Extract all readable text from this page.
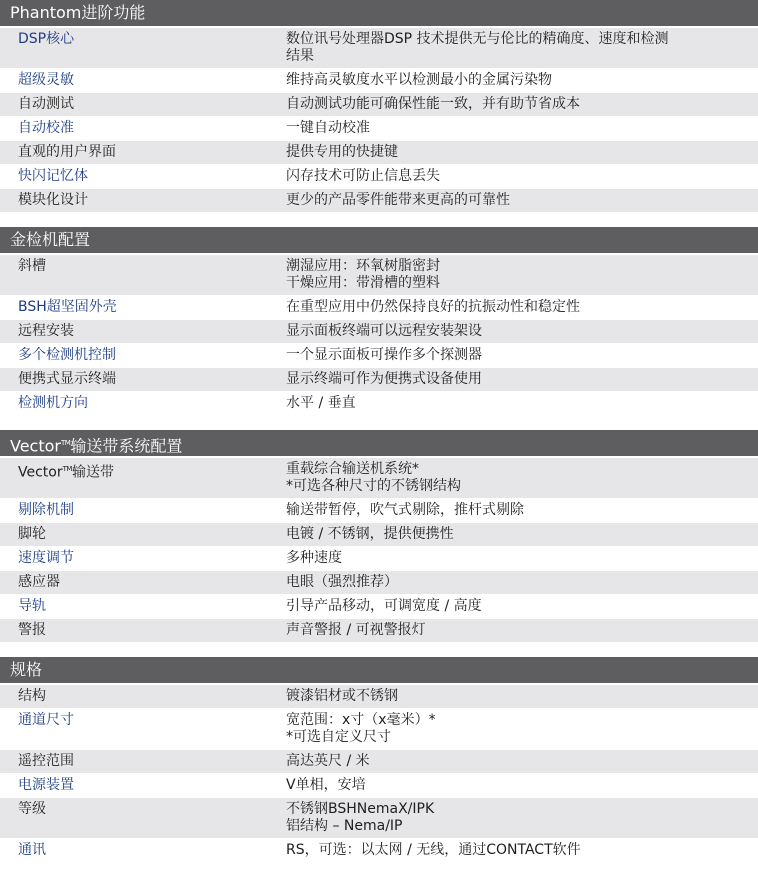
Phantom进阶功能
DSP核心	数位讯号处理器DSP 技术提供无与伦比的精确度、速度和检测
结果
超级灵敏	维持高灵敏度水平以检测最小的金属污染物
自动测试	自动测试功能可确保性能一致，并有助节省成本
自动校准	一键自动校准
直观的用户界面	提供专用的快捷键
快闪记忆体	闪存技术可防止信息丢失
模块化设计	更少的产品零件能带来更高的可靠性
金检机配置
斜槽	潮湿应用：环氧树脂密封
干燥应用：带滑槽的塑料
BSH超坚固外壳	在重型应用中仍然保持良好的抗振动性和稳定性
远程安装	显示面板终端可以远程安装架设
多个检测机控制	一个显示面板可操作多个探测器
便携式显示终端	显示终端可作为便携式设备使用
检测机方向	水平 / 垂直
Vector™输送带系统配置
Vector™输送带	重载综合输送机系统*
*可选各种尺寸的不锈钢结构
剔除机制	输送带暂停，吹气式剔除，推杆式剔除
脚轮	电镀 / 不锈钢，提供便携性
速度调节	多种速度
感应器	电眼（强烈推荐）
导轨	引导产品移动，可调宽度 / 高度
警报	声音警报 / 可视警报灯
规格
结构	镀漆铝材或不锈钢
通道尺寸	宽范围：x寸（x毫米）*
*可选自定义尺寸
遥控范围	高达英尺 / 米
电源装置	V单相，安培
等级	不锈钢BSHNemaX/IPK
铝结构 – Nema/IP
通讯	RS，可选：以太网 / 无线，通过CONTACT软件
